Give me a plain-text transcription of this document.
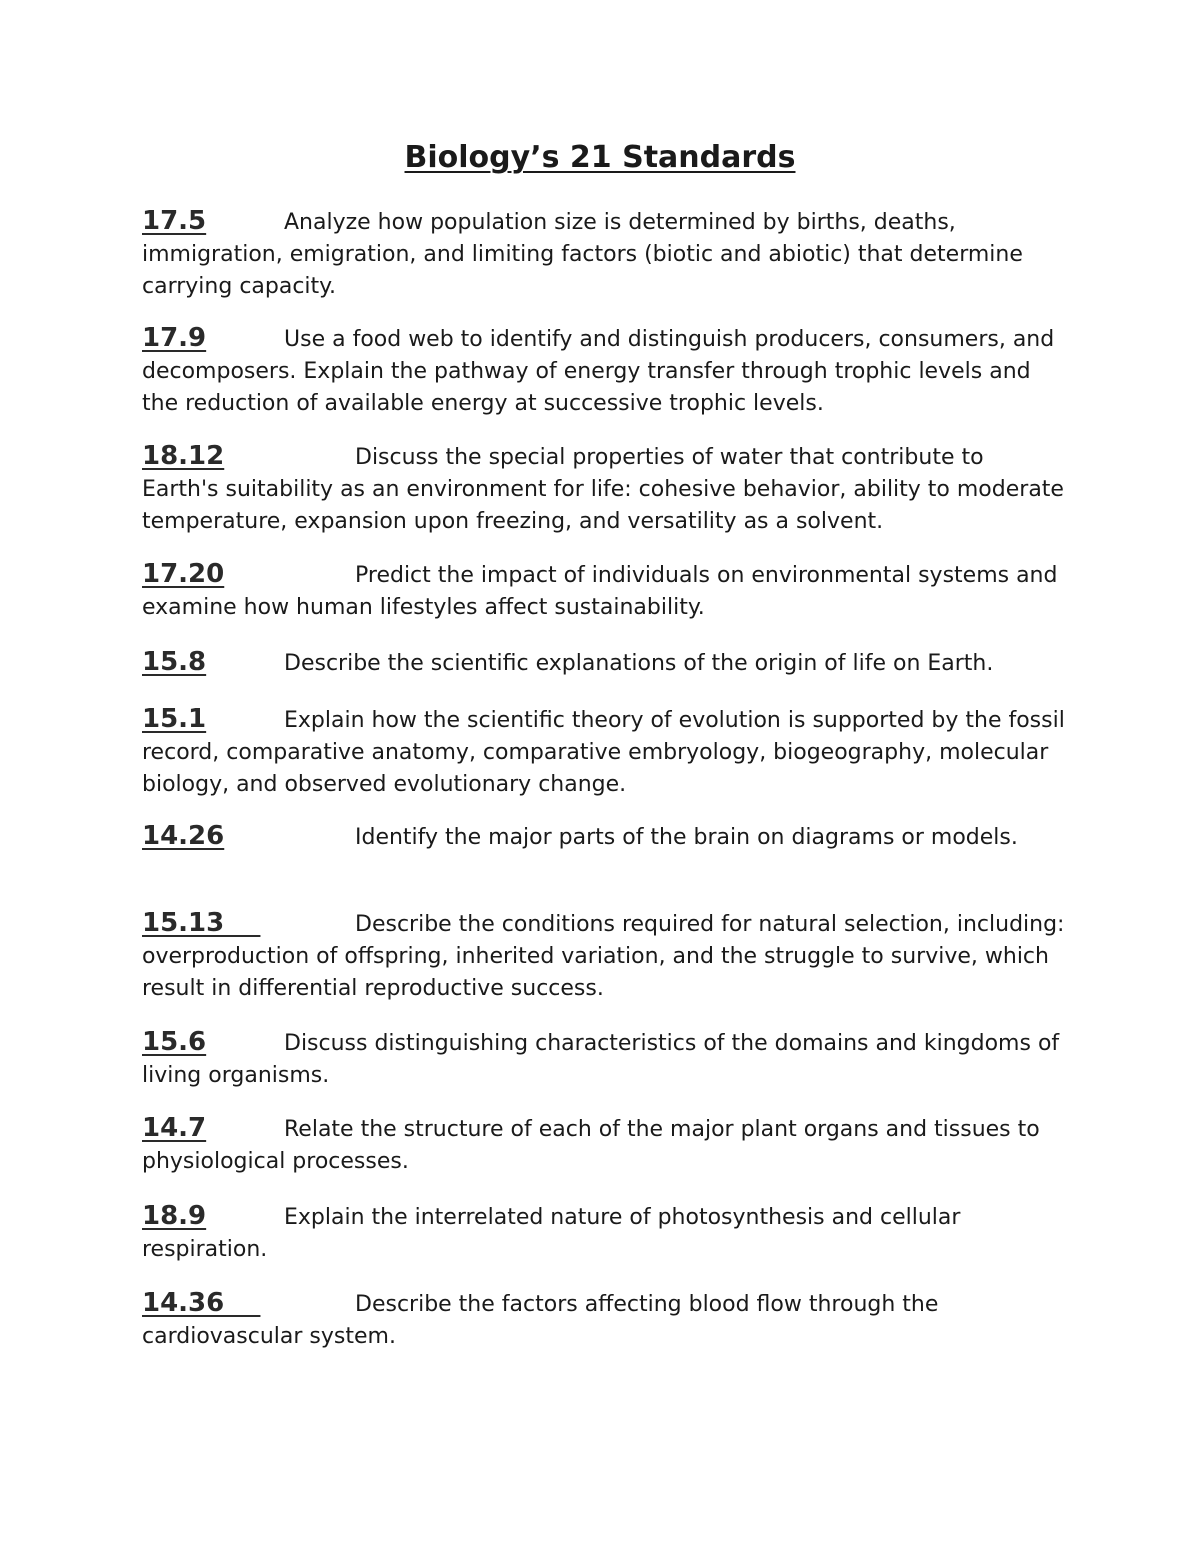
Biology’s 21 Standards

17.5	Analyze how population size is determined by births, deaths, immigration, emigration, and limiting factors (biotic and abiotic) that determine carrying capacity.

17.9	Use a food web to identify and distinguish producers, consumers, and decomposers. Explain the pathway of energy transfer through trophic levels and the reduction of available energy at successive trophic levels.

18.12	Discuss the special properties of water that contribute to Earth's suitability as an environment for life: cohesive behavior, ability to moderate temperature, expansion upon freezing, and versatility as a solvent.

17.20	Predict the impact of individuals on environmental systems and examine how human lifestyles affect sustainability.

15.8	Describe the scientific explanations of the origin of life on Earth.

15.1	Explain how the scientific theory of evolution is supported by the fossil record, comparative anatomy, comparative embryology, biogeography, molecular biology, and observed evolutionary change.

14.26	Identify the major parts of the brain on diagrams or models.

15.13	Describe the conditions required for natural selection, including: overproduction of offspring, inherited variation, and the struggle to survive, which result in differential reproductive success.

15.6	Discuss distinguishing characteristics of the domains and kingdoms of living organisms.

14.7	Relate the structure of each of the major plant organs and tissues to physiological processes.

18.9	Explain the interrelated nature of photosynthesis and cellular respiration.

14.36	Describe the factors affecting blood flow through the cardiovascular system.
